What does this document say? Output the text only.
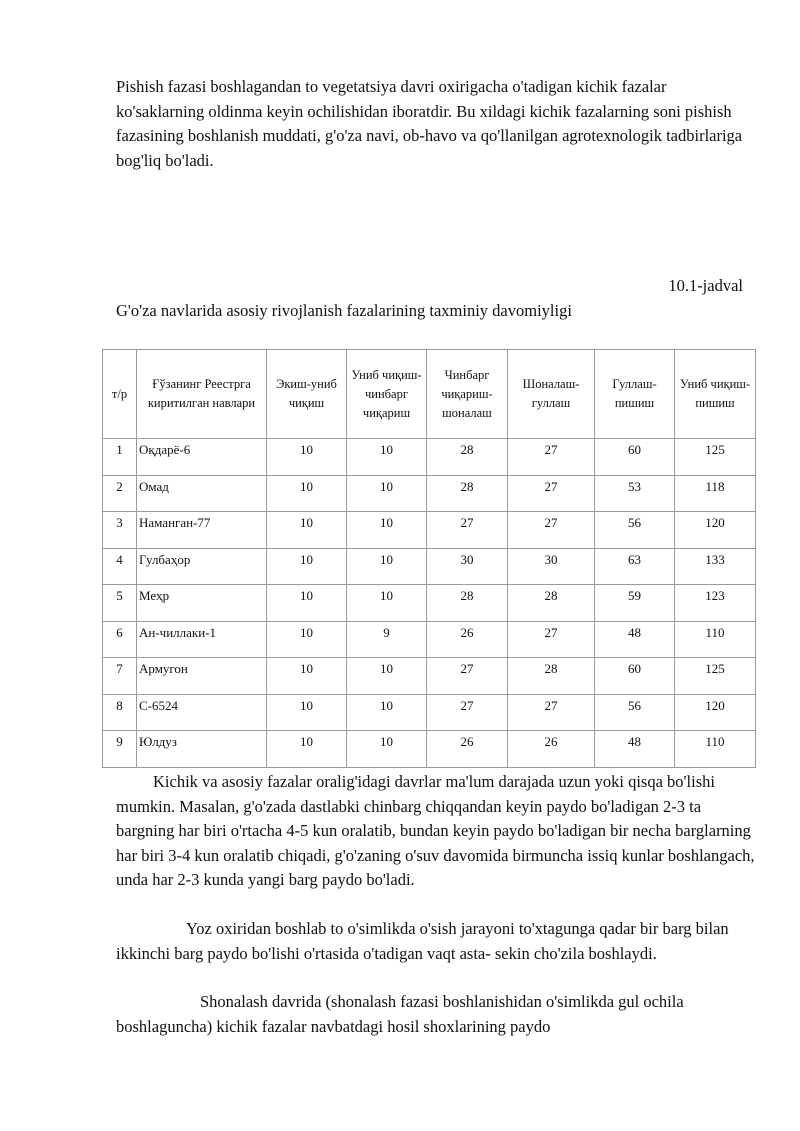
Pishish fazasi boshlagandan to vegetatsiya davri oxirigacha o'tadigan kichik fazalar ko'saklarning oldinma keyin ochilishidan iboratdir. Bu xildagi kichik fazalarning soni pishish fazasining boshlanish muddati, g'o'za navi, ob-havo va qo'llanilgan agrotexnologik tadbirlariga bog'liq bo'ladi.

10.1-jadval

G'o'za navlarida asosiy rivojlanish fazalarining taxminiy davomiyligi

т/р	Ғўзанинг Реестрга киритилган навлари	Экиш-униб чиқиш	Униб чиқиш-чинбарг чиқариш	Чинбарг чиқариш-шоналаш	Шоналаш-гуллаш	Гуллаш-пишиш	Униб чиқиш-пишиш
1	Оқдарё-6	10	10	28	27	60	125
2	Омад	10	10	28	27	53	118
3	Наманган-77	10	10	27	27	56	120
4	Гулбаҳор	10	10	30	30	63	133
5	Меҳр	10	10	28	28	59	123
6	Ан-чиллаки-1	10	9	26	27	48	110
7	Армугон	10	10	27	28	60	125
8	С-6524	10	10	27	27	56	120
9	Юлдуз	10	10	26	26	48	110

Kichik va asosiy fazalar oralig'idagi davrlar ma'lum darajada uzun yoki qisqa bo'lishi mumkin. Masalan, g'o'zada dastlabki chinbarg chiqqandan keyin paydo bo'ladigan 2-3 ta bargning har biri o'rtacha 4-5 kun oralatib, bundan keyin paydo bo'ladigan bir necha barglarning har biri 3-4 kun oralatib chiqadi, g'o'zaning o'suv davomida birmuncha issiq kunlar boshlangach, unda har 2-3 kunda yangi barg paydo bo'ladi.

Yoz oxiridan boshlab to o'simlikda o'sish jarayoni to'xtagunga qadar bir barg bilan ikkinchi barg paydo bo'lishi o'rtasida o'tadigan vaqt asta- sekin cho'zila boshlaydi.

Shonalash davrida (shonalash fazasi boshlanishidan o'simlikda gul ochila boshlaguncha) kichik fazalar navbatdagi hosil shoxlarining paydo
